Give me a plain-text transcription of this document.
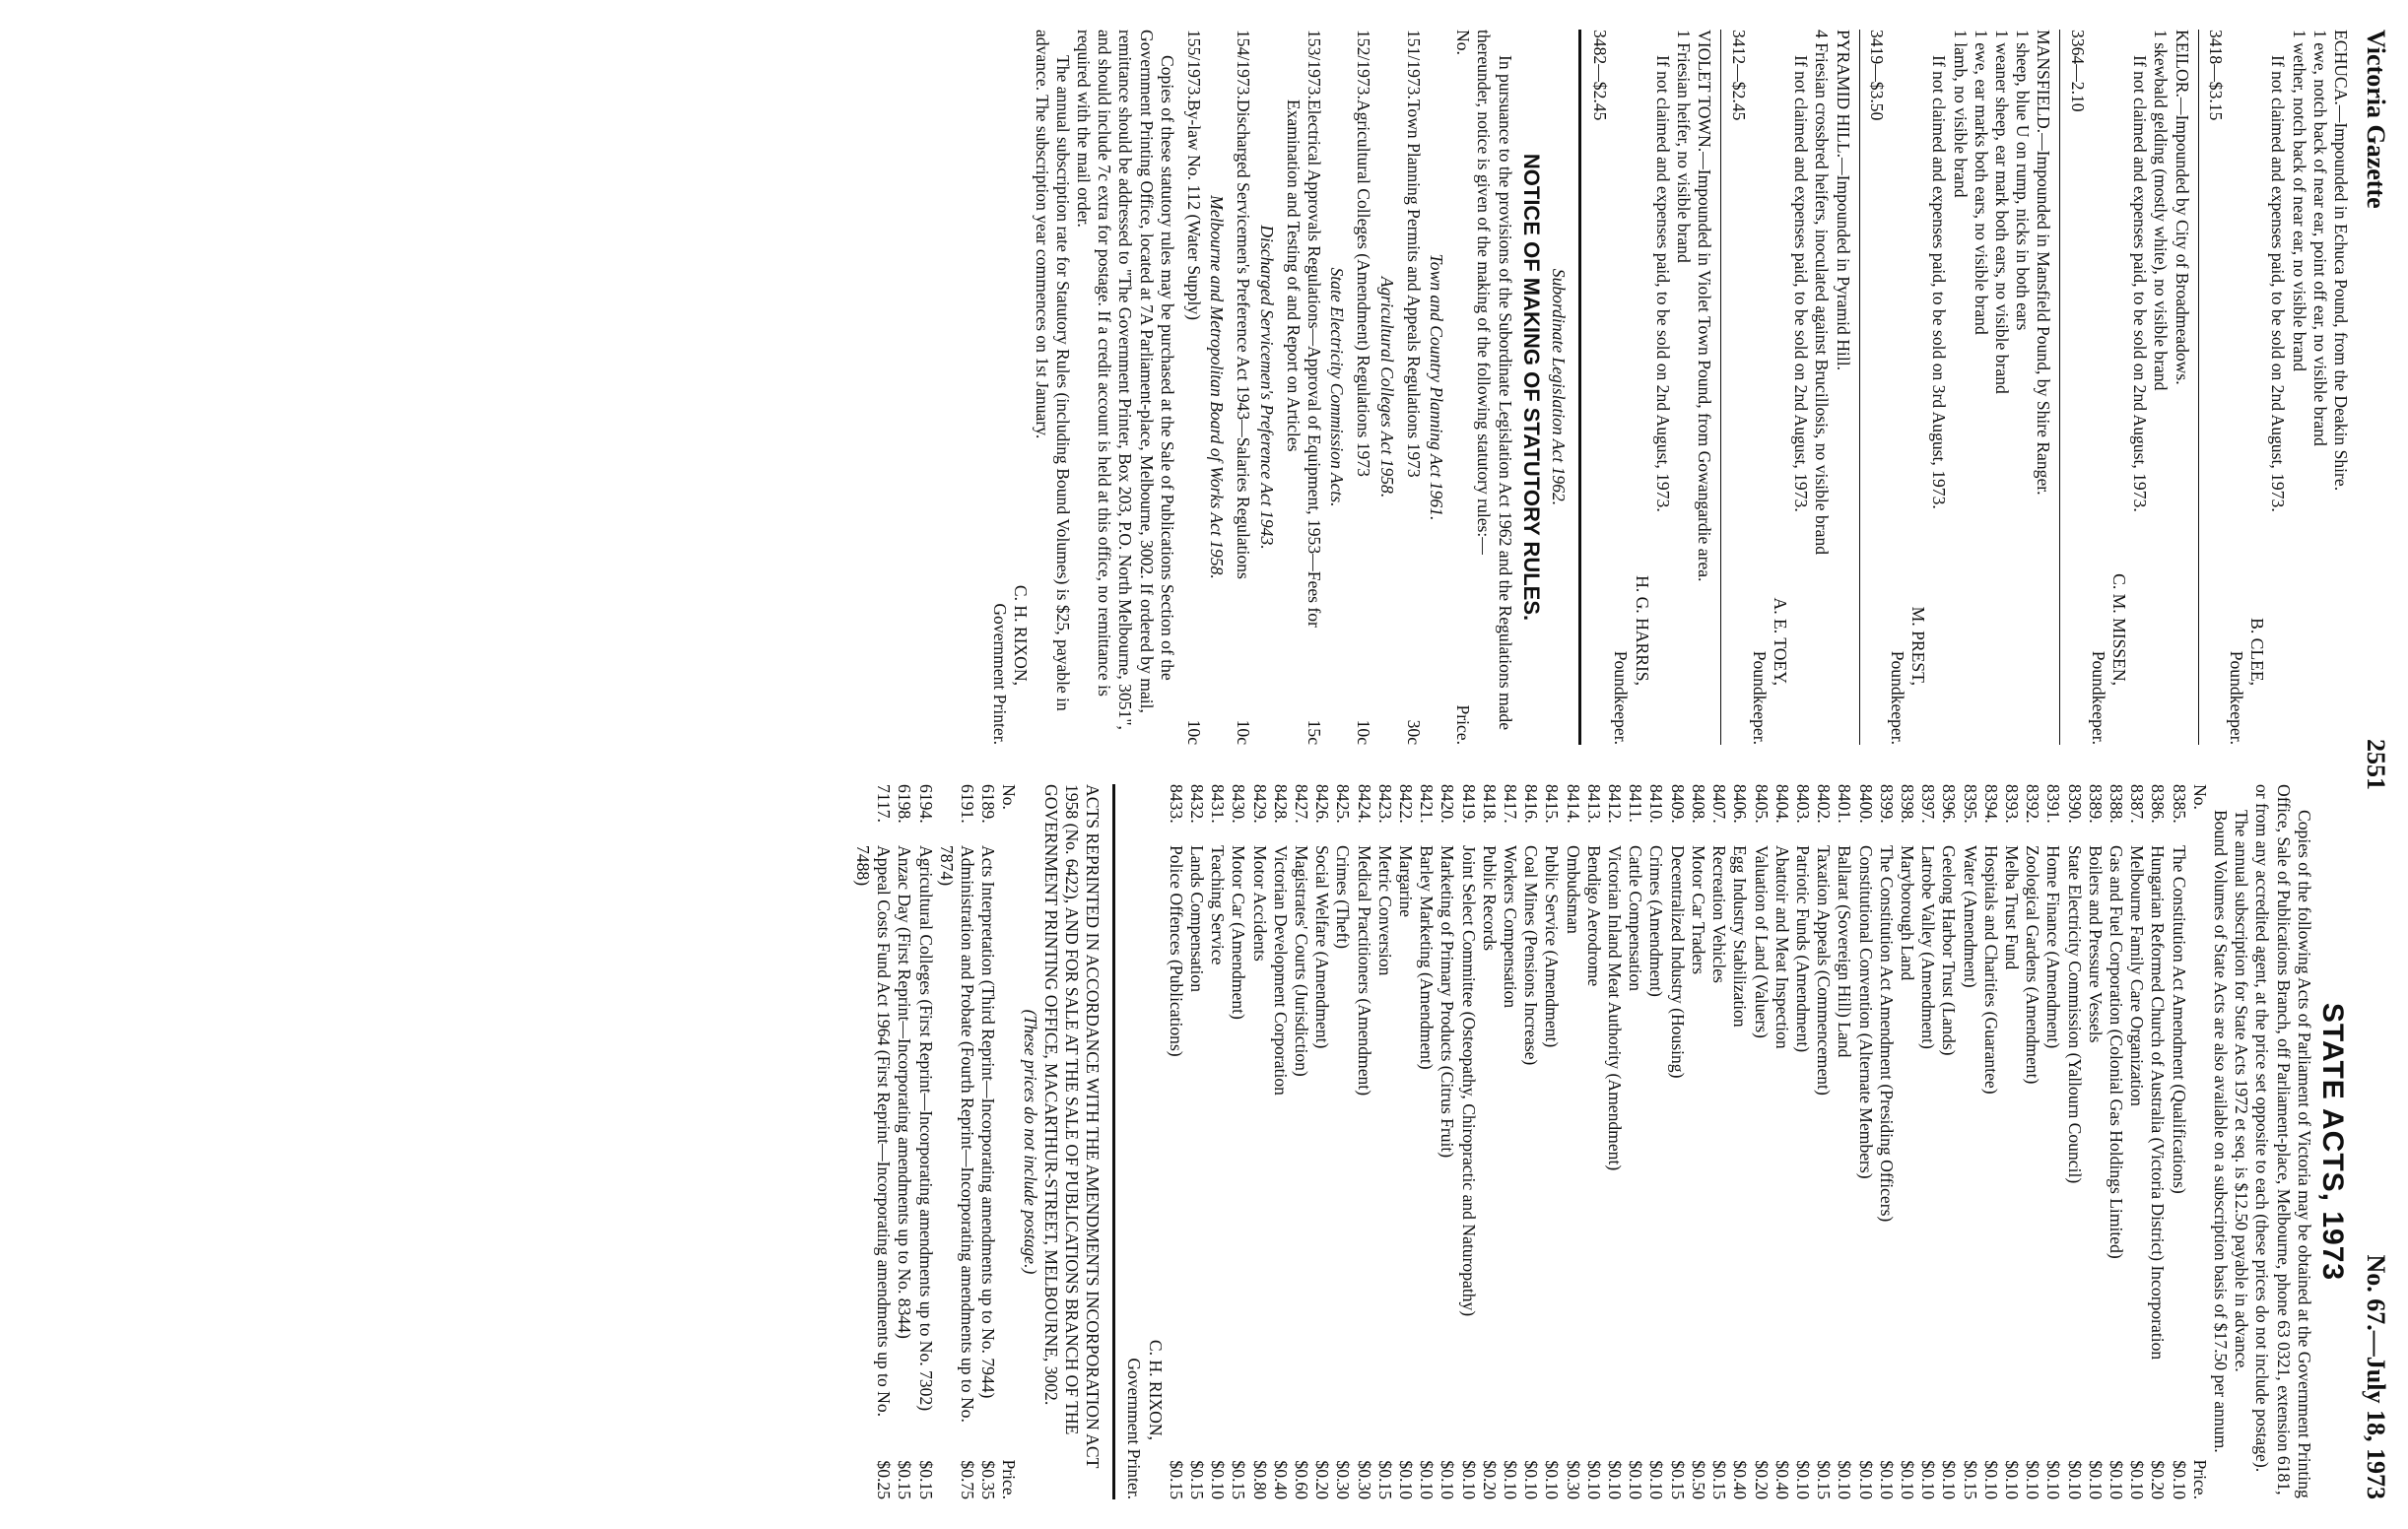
Victoria Gazette
2551
No. 67.—July 18, 1973

ECHUCA.—Impounded in Echuca Pound, from the Deakin Shire.

1 ewe, notch back of near ear, point off ear, no visible brand

1 wether, notch back of near ear, no visible brand

If not claimed and expenses paid, to be sold on 2nd August, 1973.

B. CLEE,

Poundkeeper.

3418—$3.15

KEILOR.—Impounded by City of Broadmeadows.

1 skewbald gelding (mostly white), no visible brand

If not claimed and expenses paid, to be sold on 2nd August, 1973.

C. M. MISSEN,

Poundkeeper.

3364—2.10

MANSFIELD.—Impounded in Mansfield Pound, by Shire Ranger.

1 sheep, blue U on rump, nicks in both ears

1 weaner sheep, ear mark both ears, no visible brand

1 ewe, ear marks both ears, no visible brand

1 lamb, no visible brand

If not claimed and expenses paid, to be sold on 3rd August, 1973.

M. PREST,

Poundkeeper.

3419—$3.50

PYRAMID HILL.—Impounded in Pyramid Hill.

4 Friesian crossbred heifers, inoculated against Brucillosis, no visible brand

If not claimed and expenses paid, to be sold on 2nd August, 1973.

A. E. TOEY,

Poundkeeper.

3412—$2.45

VIOLET TOWN.—Impounded in Violet Town Pound, from Gowangardie area.

1 Friesian heifer, no visible brand

If not claimed and expenses paid, to be sold on 2nd August, 1973.

H. G. HARRIS,

Poundkeeper.

3482—$2.45

Subordinate Legislation Act 1962.

NOTICE OF MAKING OF STATUTORY RULES.

In pursuance to the provisions of the Subordinate Legislation Act 1962 and the Regulations made thereunder, notice is given of the making of the following statutory rules:—

No.		Price.

Town and Country Planning Act 1961.

151/1973.	Town Planning Permits and Appeals Regulations 1973	30c

Agricultural Colleges Act 1958.

152/1973.	Agricultural Colleges (Amendment) Regulations 1973	10c

State Electricity Commission Acts.

153/1973.	Electrical Approvals Regulations—Approval of Equipment, 1953—Fees for Examination and Testing of and Report on Articles	15c

Discharged Servicemen's Preference Act 1943.

154/1973.	Discharged Servicemen's Preference Act 1943—Salaries Regulations	10c

Melbourne and Metropolitan Board of Works Act 1958.

155/1973.	By-law No. 112 (Water Supply)	10c

Copies of these statutory rules may be purchased at the Sale of Publications Section of the Government Printing Office, located at 7A Parliament-place, Melbourne, 3002. If ordered by mail, remittance should be addressed to "The Government Printer, Box 203, P.O. North Melbourne, 3051", and should include 7c extra for postage. If a credit account is held at this office, no remittance is required with the mail order.

The annual subscription rate for Statutory Rules (including Bound Volumes) is $25, payable in advance. The subscription year commences on 1st January.

C. H. RIXON,

Government Printer.

STATE ACTS, 1973

Copies of the following Acts of Parliament of Victoria may be obtained at the Government Printing Office, Sale of Publications Branch, off Parliament-place, Melbourne, phone 63 0321, extension 6181, or from any accredited agent, at the price set opposite to each (these prices do not include postage).

The annual subscription for State Acts 1972 et seq. is $12.50 payable in advance.

Bound Volumes of State Acts are also available on a subscription basis of $17.50 per annum.

No.		Price.
8385.	The Constitution Act Amendment (Qualifications)	$0.10
8386.	Hungarian Reformed Church of Australia (Victoria District) Incorporation	$0.20
8387.	Melbourne Family Care Organization	$0.10
8388.	Gas and Fuel Corporation (Colonial Gas Holdings Limited)	$0.10
8389.	Boilers and Pressure Vessels	$0.10
8390.	State Electricity Commission (Yallourn Council)	$0.10
8391.	Home Finance (Amendment)	$0.10
8392.	Zoological Gardens (Amendment)	$0.10
8393.	Melba Trust Fund	$0.10
8394.	Hospitals and Charities (Guarantee)	$0.10
8395.	Water (Amendment)	$0.15
8396.	Geelong Harbor Trust (Lands)	$0.10
8397.	Latrobe Valley (Amendment)	$0.10
8398.	Maryborough Land	$0.10
8399.	The Constitution Act Amendment (Presiding Officers)	$0.10
8400.	Constitutional Convention (Alternate Members)	$0.10
8401.	Ballarat (Sovereign Hill) Land	$0.10
8402.	Taxation Appeals (Commencement)	$0.15
8403.	Patriotic Funds (Amendment)	$0.10
8404.	Abattoir and Meat Inspection	$0.40
8405.	Valuation of Land (Valuers)	$0.20
8406.	Egg Industry Stabilization	$0.40
8407.	Recreation Vehicles	$0.15
8408.	Motor Car Traders	$0.50
8409.	Decentralized Industry (Housing)	$0.15
8410.	Crimes (Amendment)	$0.10
8411.	Cattle Compensation	$0.10
8412.	Victorian Inland Meat Authority (Amendment)	$0.10
8413.	Bendigo Aerodrome	$0.10
8414.	Ombudsman	$0.30
8415.	Public Service (Amendment)	$0.10
8416.	Coal Mines (Pensions Increase)	$0.10
8417.	Workers Compensation	$0.10
8418.	Public Records	$0.20
8419.	Joint Select Committee (Osteopathy, Chiropractic and Naturopathy)	$0.10
8420.	Marketing of Primary Products (Citrus Fruit)	$0.10
8421.	Barley Marketing (Amendment)	$0.10
8422.	Margarine	$0.10
8423.	Metric Conversion	$0.15
8424.	Medical Practitioners (Amendment)	$0.30
8425.	Crimes (Theft)	$0.30
8426.	Social Welfare (Amendment)	$0.20
8427.	Magistrates' Courts (Jurisdiction)	$0.60
8428.	Victorian Development Corporation	$0.40
8429.	Motor Accidents	$0.80
8430.	Motor Car (Amendment)	$0.15
8431.	Teaching Service	$0.10
8432.	Lands Compensation	$0.15
8433.	Police Offences (Publications)	$0.15

C. H. RIXON,

Government Printer.

ACTS REPRINTED IN ACCORDANCE WITH THE AMENDMENTS INCORPORATION ACT 1958 (No. 6422), AND FOR SALE AT THE SALE OF PUBLICATIONS BRANCH OF THE GOVERNMENT PRINTING OFFICE, MACARTHUR-STREET, MELBOURNE, 3002.

(These prices do not include postage.)

No.		Price.
6189.	Acts Interpretation (Third Reprint—Incorporating amendments up to No. 7944)	$0.35
6191.	Administration and Probate (Fourth Reprint—Incorporating amendments up to No. 7874)	$0.75
6194.	Agricultural Colleges (First Reprint—Incorporating amendments up to No. 7302)	$0.15
6198.	Anzac Day (First Reprint—Incorporating amendments up to No. 8344)	$0.15
7117.	Appeal Costs Fund Act 1964 (First Reprint—Incorporating amendments up to No. 7488)	$0.25
